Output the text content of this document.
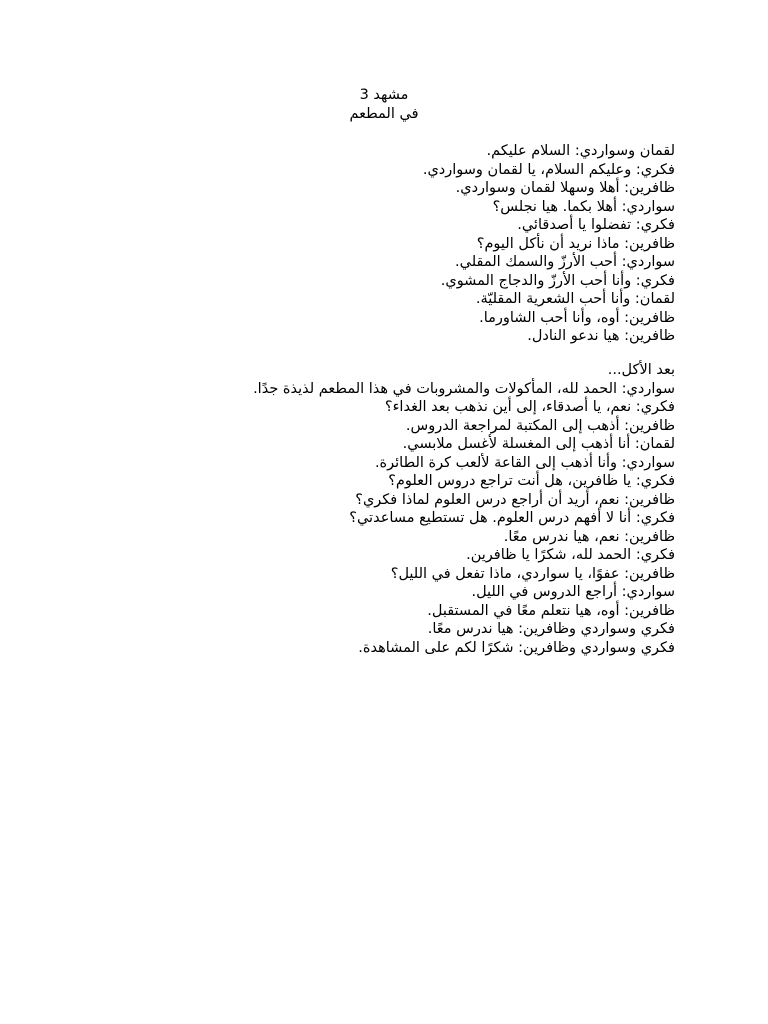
مشهد 3
في المطعم
لقمان وسواردي: السلام عليكم.
فكري: وعليكم السلام، يا لقمان وسواردي.
ظافرين: أهلا وسهلا لقمان وسواردي.
سواردي: أهلا بكما. هيا نجلس؟
فكري: تفضلوا يا أصدقائي.
ظافرين: ماذا نريد أن نأكل اليوم؟
سواردي: أحب الأرزّ والسمك المقلي.
فكري: وأنا أحب الأرزّ والدجاج المشوي.
لقمان: وأنا أحب الشعرية المقليّة.
ظافرين: أوه، وأنا أحب الشاورما.
ظافرين: هيا ندعو النادل.
بعد الأكل...
سواردي: الحمد لله، المأكولات والمشروبات في هذا المطعم لذيذة جدًا.
فكري: نعم، يا أصدقاء، إلى أين نذهب بعد الغداء؟
ظافرين: أذهب إلى المكتبة لمراجعة الدروس.
لقمان: أنا أذهب إلى المغسلة لأغسل ملابسي.
سواردي: وأنا أذهب إلى القاعة لألعب كرة الطائرة.
فكري: يا ظافرين، هل أنت تراجع دروس العلوم؟
ظافرين: نعم، أريد أن أراجع درس العلوم لماذا فكري؟
فكري: أنا لا أفهم درس العلوم. هل تستطيع مساعدتي؟
ظافرين: نعم، هيا ندرس معًا.
فكري: الحمد لله، شكرًا يا ظافرين.
ظافرين: عفوًا، يا سواردي، ماذا تفعل في الليل؟
سواردي: أراجع الدروس في الليل.
ظافرين: أوه، هيا نتعلم معًا في المستقبل.
فكري وسواردي وظافرين: هيا ندرس معًا.
فكري وسواردي وظافرين: شكرًا لكم على المشاهدة.
